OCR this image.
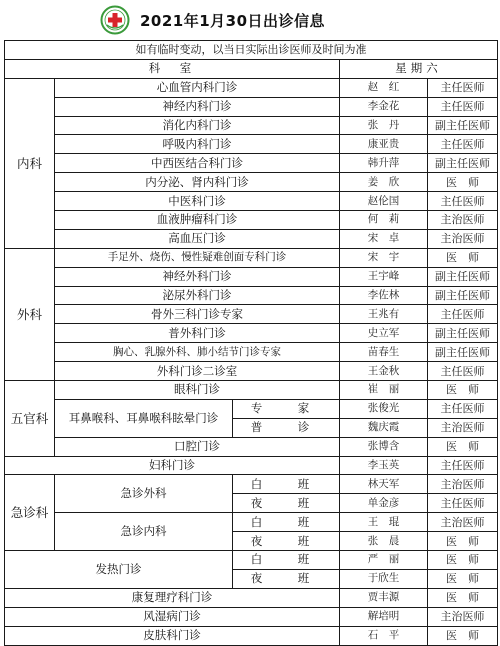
2021年1月30日出诊信息
如有临时变动，以当日实际出诊医师及时间为准				
科　室			星期六	
内科	心血管内科门诊		赵　红	主任医师
	神经内科门诊		李金花	主任医师
	消化内科门诊		张　丹	副主任医师
	呼吸内科门诊		康亚贵	主任医师
	中西医结合科门诊		韩升萍	副主任医师
	内分泌、肾内科门诊		姜　欣	医　师
	中医科门诊		赵伦国	主任医师
	血液肿瘤科门诊		何　莉	主治医师
	高血压门诊		宋　卓	主治医师
外科	手足外、烧伤、慢性疑难创面专科门诊		宋　宇	医　师
	神经外科门诊		王宇峰	副主任医师
	泌尿外科门诊		李佐林	副主任医师
	骨外三科门诊专家		王兆有	主任医师
	普外科门诊		史立军	副主任医师
	胸心、乳腺外科、肺小结节门诊专家		苗春生	副主任医师
	外科门诊二诊室		王金秋	主任医师
五官科	眼科门诊		崔　丽	医　师
	耳鼻喉科、耳鼻喉科眩晕门诊	专　家	张俊光	主任医师
		普　诊	魏庆霞	主治医师
	口腔门诊		张博含	医　师
妇科门诊			李玉英	主任医师
急诊科	急诊外科	白　班	林天军	主治医师
		夜　班	单金彦	主任医师
	急诊内科	白　班	王　琨	主治医师
		夜　班	张　晨	医　师
发热门诊		白　班	严　丽	医　师
		夜　班	于欣生	医　师
康复理疗科门诊			贾丰源	医　师
风湿病门诊			解培明	主治医师
皮肤科门诊			石　平	医　师
